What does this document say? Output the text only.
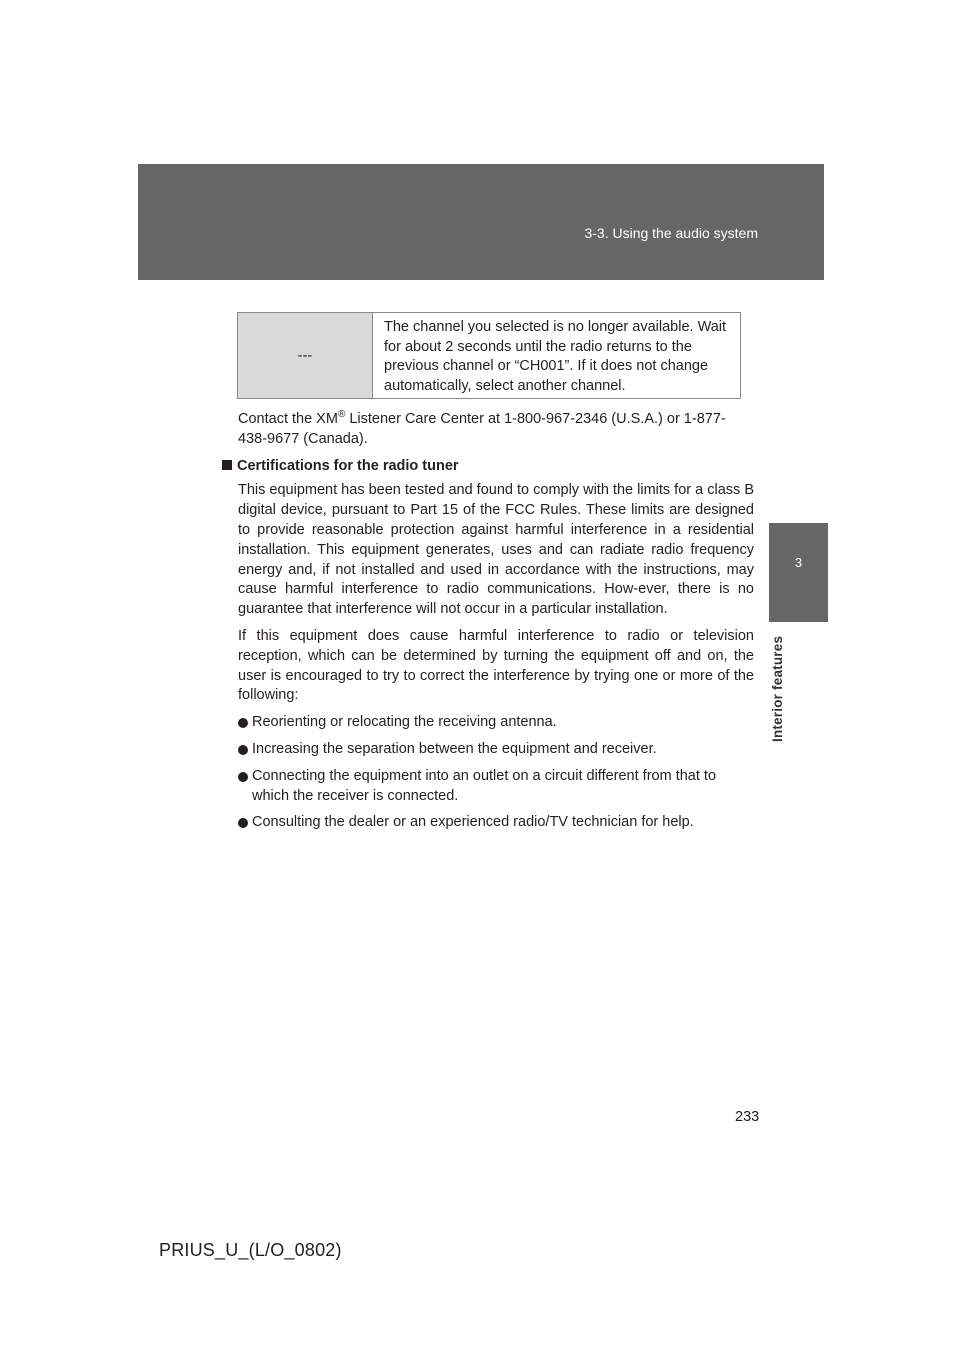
3-3. Using the audio system
3
Interior features
---
The channel you selected is no longer available. Wait for about 2 seconds until the radio returns to the previous channel or “CH001”. If it does not change automatically, select another channel.
Contact the XM® Listener Care Center at 1-800-967-2346 (U.S.A.) or 1-877-438-9677 (Canada).
Certifications for the radio tuner
This equipment has been tested and found to comply with the limits for a class B digital device, pursuant to Part 15 of the FCC Rules. These limits are designed to provide reasonable protection against harmful interference in a residential installation. This equipment generates, uses and can radiate radio frequency energy and, if not installed and used in accordance with the instructions, may cause harmful interference to radio communications. How-ever, there is no guarantee that interference will not occur in a particular installation.
If this equipment does cause harmful interference to radio or television reception, which can be determined by turning the equipment off and on, the user is encouraged to try to correct the interference by trying one or more of the following:
Reorienting or relocating the receiving antenna.
Increasing the separation between the equipment and receiver.
Connecting the equipment into an outlet on a circuit different from that to which the receiver is connected.
Consulting the dealer or an experienced radio/TV technician for help.
233
PRIUS_U_(L/O_0802)
